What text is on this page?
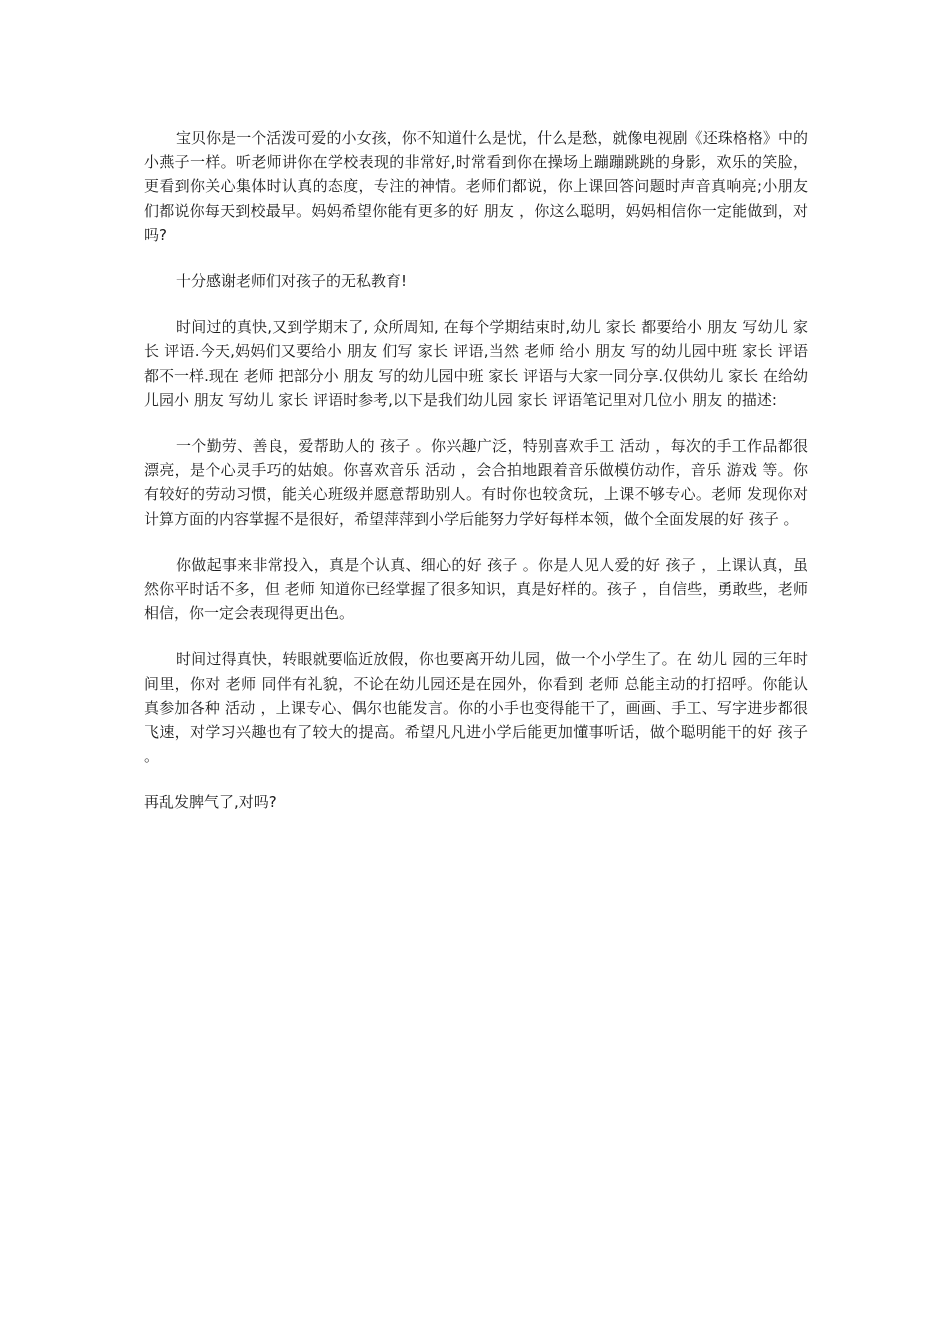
宝贝你是一个活泼可爱的小女孩，你不知道什么是忧，什么是愁，就像电视剧《还珠格格》中的小燕子一样。听老师讲你在学校表现的非常好,时常看到你在操场上蹦蹦跳跳的身影，欢乐的笑脸，更看到你关心集体时认真的态度，专注的神情。老师们都说，你上课回答问题时声音真响亮;小朋友们都说你每天到校最早。妈妈希望你能有更多的好 朋友 ，你这么聪明，妈妈相信你一定能做到，对吗?

十分感谢老师们对孩子的无私教育!

时间过的真快,又到学期末了, 众所周知, 在每个学期结束时,幼儿 家长 都要给小 朋友 写幼儿 家长 评语.今天,妈妈们又要给小 朋友 们写 家长 评语,当然 老师 给小 朋友 写的幼儿园中班 家长 评语都不一样.现在 老师 把部分小 朋友 写的幼儿园中班 家长 评语与大家一同分享.仅供幼儿 家长 在给幼儿园小 朋友 写幼儿 家长 评语时参考,以下是我们幼儿园 家长 评语笔记里对几位小 朋友 的描述:

一个勤劳、善良，爱帮助人的 孩子 。你兴趣广泛，特别喜欢手工 活动 ，每次的手工作品都很漂亮，是个心灵手巧的姑娘。你喜欢音乐 活动 ，会合拍地跟着音乐做模仿动作，音乐 游戏 等。你有较好的劳动习惯，能关心班级并愿意帮助别人。有时你也较贪玩，上课不够专心。老师 发现你对计算方面的内容掌握不是很好，希望萍萍到小学后能努力学好每样本领，做个全面发展的好 孩子 。

你做起事来非常投入，真是个认真、细心的好 孩子 。你是人见人爱的好 孩子 ，上课认真，虽然你平时话不多，但 老师 知道你已经掌握了很多知识，真是好样的。孩子 ，自信些，勇敢些，老师 相信，你一定会表现得更出色。

时间过得真快，转眼就要临近放假，你也要离开幼儿园，做一个小学生了。在 幼儿 园的三年时间里，你对 老师 同伴有礼貌，不论在幼儿园还是在园外，你看到 老师 总能主动的打招呼。你能认真参加各种 活动 ，上课专心、偶尔也能发言。你的小手也变得能干了，画画、手工、写字进步都很飞速，对学习兴趣也有了较大的提高。希望凡凡进小学后能更加懂事听话，做个聪明能干的好 孩子 。

再乱发脾气了,对吗?
